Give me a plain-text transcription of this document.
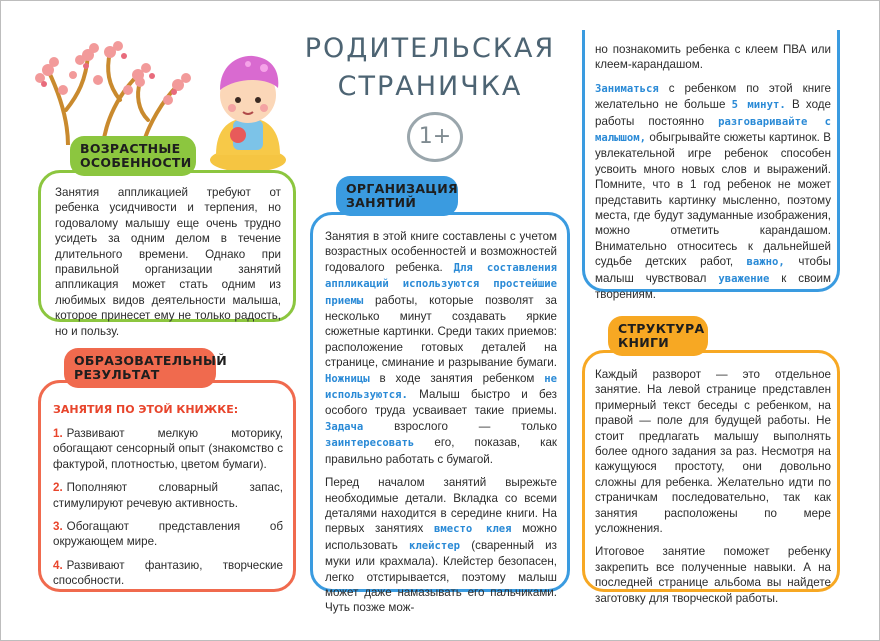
РОДИТЕЛЬСКАЯ СТРАНИЧКА
1+
Занятия аппликацией требуют от ребенка усидчивости и терпения, но годовалому малышу еще очень трудно усидеть за одним делом в течение длительного времени. Однако при правильной организации занятий аппликация может стать одним из любимых видов деятельности малыша, которое принесет ему не только радость, но и пользу.
ВОЗРАСТНЫЕ ОСОБЕННОСТИ
ЗАНЯТИЯ ПО ЭТОЙ КНИЖКЕ:
1. Развивают мелкую моторику, обогащают сенсорный опыт (знакомство с фактурой, плотностью, цветом бумаги).
2. Пополняют словарный запас, стимулируют речевую активность.
3. Обогащают представления об окружающем мире.
4. Развивают фантазию, творческие способности.
ОБРАЗОВАТЕЛЬНЫЙ РЕЗУЛЬТАТ

Занятия в этой книге составлены с учетом возрастных особенностей и возможностей годовалого ребенка. Для составления аппликаций используются простейшие приемы работы, которые позволят за несколько минут создавать яркие сюжетные картинки. Среди таких приемов: расположение готовых деталей на странице, сминание и разрывание бумаги. Ножницы в ходе занятия ребенком не используются. Малыш быстро и без особого труда усваивает такие приемы. Задача	взрослого — только заинтересовать его, показав, как правильно работать с бумагой.

Перед началом занятий вырежьте необходимые детали. Вкладка со всеми деталями находится в середине книги. На первых занятиях вместо клея можно использовать клейстер (сваренный из муки или крахмала). Клейстер безопасен, легко отстирывается, поэтому малыш может даже намазывать его пальчиками. Чуть позже мож-

ОРГАНИЗАЦИЯ ЗАНЯТИЙ

но познакомить ребенка с клеем ПВА или клеем-карандашом.

Заниматься с ребенком по этой книге желательно не больше 5 минут. В ходе работы постоянно разговаривайте с малышом, обыгрывайте сюжеты картинок. В увлекательной игре ребенок способен усвоить много новых слов и выражений. Помните, что в 1 год ребенок не может представить картинку мысленно, поэтому места, где будут задуманные изображения, можно отметить карандашом. Внимательно относитесь к дальнейшей судьбе детских работ, важно, чтобы малыш чувствовал уважение к своим творениям.

Каждый разворот — это отдельное занятие. На левой странице представлен примерный текст беседы с ребенком, на правой — поле для будущей работы. Не стоит предлагать малышу выполнять более одного задания за раз. Несмотря на кажущуюся простоту, они довольно сложны для ребенка. Желательно идти по страничкам последовательно, так как занятия расположены по мере усложнения.

Итоговое занятие поможет ребенку закрепить все полученные навыки. А на последней странице альбома вы найдете заготовку для творческой работы.

СТРУКТУРА КНИГИ
